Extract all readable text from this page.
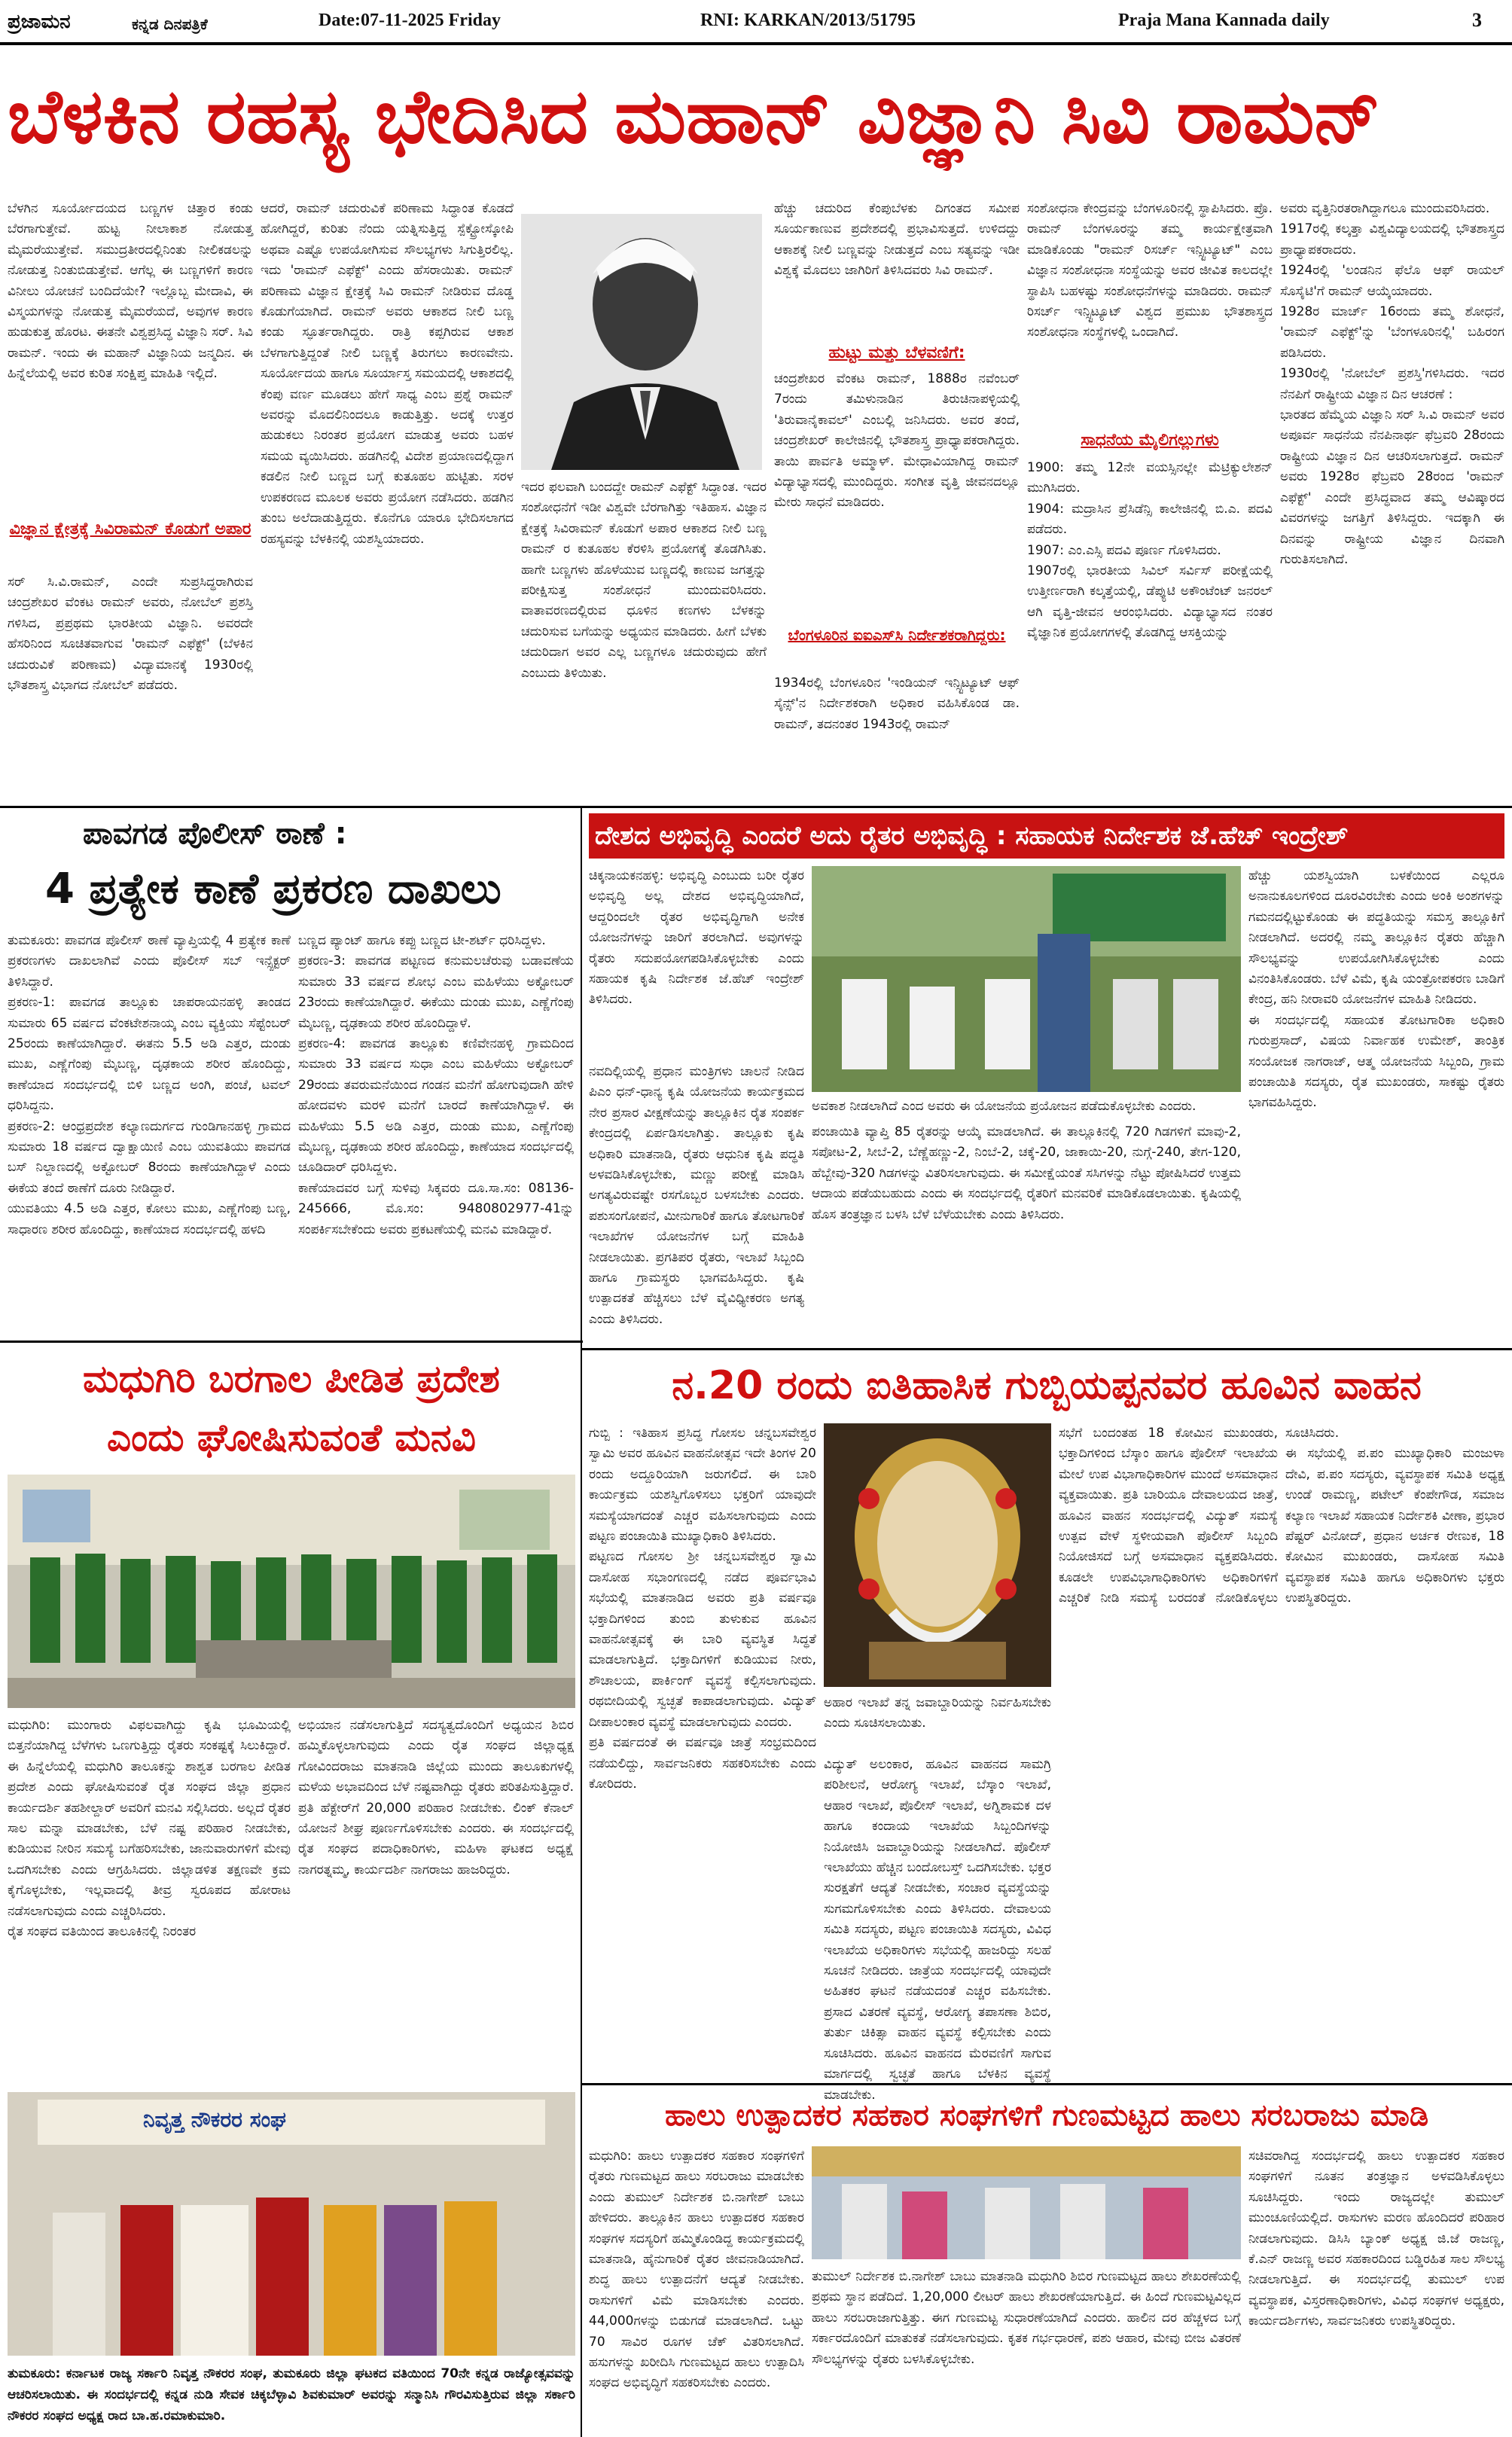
ಪ್ರಜಾಮನ	ಕನ್ನಡ ದಿನಪತ್ರಿಕೆ	Date:07-11-2025 Friday	RNI: KARKAN/2013/51795	Praja Mana Kannada daily	3
ಬೆಳಕಿನ ರಹಸ್ಯ ಭೇದಿಸಿದ ಮಹಾನ್ ವಿಜ್ಞಾನಿ ಸಿವಿ ರಾಮನ್
ಬೆಳಗಿನ ಸೂರ್ಯೋದಯದ ಬಣ್ಣಗಳ ಚಿತ್ತಾರ ಕಂಡು ಬೆರಗಾಗುತ್ತೇವೆ. ಹುಟ್ಟ ನೀಲಾಕಾಶ ನೋಡುತ್ತ ಮೈಮರೆಯುತ್ತೇವೆ. ಸಮುದ್ರತೀರದಲ್ಲಿನಿಂತು ನೀಲಿಕಡಲನ್ನು ನೋಡುತ್ತ ನಿಂತುಬಿಡುತ್ತೇವೆ. ಆಗೆಲ್ಲ ಈ ಬಣ್ಣಗಳಿಗೆ ಕಾರಣ ವಿನೀಲು ಯೋಚನೆ ಬಂದಿದೆಯೇ? ಇಲ್ಲೊಬ್ಬ ಮೇದಾವಿ, ಈ ವಿಸ್ಮಯಗಳನ್ನು ನೋಡುತ್ತ ಮೈಮರೆಯದೆ, ಅವುಗಳ ಕಾರಣ ಹುಡುಕುತ್ತ ಹೊರಟ. ಈತನೇ ವಿಶ್ವಪ್ರಸಿದ್ಧ ವಿಜ್ಞಾನಿ ಸರ್. ಸಿವಿ ರಾಮನ್. ಇಂದು ಈ ಮಹಾನ್ ವಿಜ್ಞಾನಿಯ ಜನ್ಮದಿನ. ಈ ಹಿನ್ನೆಲೆಯಲ್ಲಿ ಅವರ ಕುರಿತ ಸಂಕ್ಷಿಪ್ತ ಮಾಹಿತಿ ಇಲ್ಲಿದೆ.
ವಿಜ್ಞಾನ ಕ್ಷೇತ್ರಕ್ಕೆ ಸಿವಿರಾಮನ್ ಕೊಡುಗೆ ಅಪಾರ
ಸರ್ ಸಿ.ವಿ.ರಾಮನ್, ಎಂದೇ ಸುಪ್ರಸಿದ್ಧರಾಗಿರುವ ಚಂದ್ರಶೇಖರ ವೆಂಕಟ ರಾಮನ್ ಅವರು, ನೋಬೆಲ್ ಪ್ರಶಸ್ತಿ ಗಳಿಸಿದ, ಪ್ರಪ್ರಥಮ ಭಾರತೀಯ ವಿಜ್ಞಾನಿ. ಅವರದೇ ಹೆಸರಿನಿಂದ ಸೂಚಿತವಾಗುವ 'ರಾಮನ್ ಎಫೆಕ್ಟ್' (ಬೆಳಕಿನ ಚದುರುವಿಕೆ ಪರಿಣಾಮ) ವಿದ್ಯಾಮಾನಕ್ಕೆ 1930ರಲ್ಲಿ ಭೌತಶಾಸ್ತ್ರ ವಿಭಾಗದ ನೋಬೆಲ್ ಪಡೆದರು.
ಆದರೆ, ರಾಮನ್ ಚದುರುವಿಕೆ ಪರಿಣಾಮ ಸಿದ್ಧಾಂತ ಕೊಡದೆ ಹೋಗಿದ್ದರೆ, ಕುರಿತು ನೆಂದು ಯತ್ನಿಸುತ್ತಿದ್ದ ಸ್ಪೆಕ್ಟ್ರೋಸ್ಕೋಪಿ ಅಥವಾ ಎಷ್ಟೊ ಉಪಯೋಗಿಸುವ ಸೌಲಭ್ಯಗಳು ಸಿಗುತ್ತಿರಲಿಲ್ಲ. ಇದು 'ರಾಮನ್ ಎಫೆಕ್ಟ್' ಎಂದು ಹೆಸರಾಯಿತು. ರಾಮನ್ ಪರಿಣಾಮ ವಿಜ್ಞಾನ ಕ್ಷೇತ್ರಕ್ಕೆ ಸಿವಿ ರಾಮನ್ ನೀಡಿರುವ ದೊಡ್ಡ ಕೊಡುಗೆಯಾಗಿದೆ. ರಾಮನ್ ಅವರು ಆಕಾಶದ ನೀಲಿ ಬಣ್ಣ ಕಂಡು ಸ್ಫೂರ್ತರಾಗಿದ್ದರು. ರಾತ್ರಿ ಕಪ್ಪಗಿರುವ ಆಕಾಶ ಬೆಳಗಾಗುತ್ತಿದ್ದಂತೆ ನೀಲಿ ಬಣ್ಣಕ್ಕೆ ತಿರುಗಲು ಕಾರಣವೇನು. ಸೂರ್ಯೋದಯ ಹಾಗೂ ಸೂರ್ಯಾಸ್ತ ಸಮಯದಲ್ಲಿ ಆಕಾಶದಲ್ಲಿ ಕೆಂಪು ವರ್ಣ ಮೂಡಲು ಹೇಗೆ ಸಾಧ್ಯ ಎಂಬ ಪ್ರಶ್ನೆ ರಾಮನ್ ಅವರನ್ನು ಮೊದಲಿನಿಂದಲೂ ಕಾಡುತ್ತಿತ್ತು. ಅದಕ್ಕೆ ಉತ್ತರ ಹುಡುಕಲು ನಿರಂತರ ಪ್ರಯೋಗ ಮಾಡುತ್ತ ಅವರು ಬಹಳ ಸಮಯ ವ್ಯಯಿಸಿದರು. ಹಡಗಿನಲ್ಲಿ ವಿದೇಶ ಪ್ರಯಾಣದಲ್ಲಿದ್ದಾಗ ಕಡಲಿನ ನೀಲಿ ಬಣ್ಣದ ಬಗ್ಗೆ ಕುತೂಹಲ ಹುಟ್ಟಿತು. ಸರಳ ಉಪಕರಣದ ಮೂಲಕ ಅವರು ಪ್ರಯೋಗ ನಡೆಸಿದರು. ಹಡಗಿನ ತುಂಬ ಅಲೆದಾಡುತ್ತಿದ್ದರು. ಕೊನೆಗೂ ಯಾರೂ ಭೇದಿಸಲಾಗದ ರಹಸ್ಯವನ್ನು ಬೆಳಕಿನಲ್ಲಿ ಯಶಸ್ವಿಯಾದರು.
ಇದರ ಫಲವಾಗಿ ಬಂದದ್ದೇ ರಾಮನ್ ಎಫೆಕ್ಟ್ ಸಿದ್ಧಾಂತ. ಇದರ ಸಂಶೋಧನೆಗೆ ಇಡೀ ವಿಶ್ವವೇ ಬೆರಗಾಗಿತ್ತು ಇತಿಹಾಸ. ವಿಜ್ಞಾನ ಕ್ಷೇತ್ರಕ್ಕೆ ಸಿವಿರಾಮನ್ ಕೊಡುಗೆ ಅಪಾರ ಆಕಾಶದ ನೀಲಿ ಬಣ್ಣ ರಾಮನ್ ರ ಕುತೂಹಲ ಕೆರಳಿಸಿ ಪ್ರಯೋಗಕ್ಕೆ ತೊಡಗಿಸಿತು. ಹಾಗೇ ಬಣ್ಣಗಳು ಹೊಳೆಯುವ ಬಣ್ಣದಲ್ಲಿ ಕಾಣುವ ಜಗತ್ತನ್ನು ಪರೀಕ್ಷಿಸುತ್ತ ಸಂಶೋಧನೆ ಮುಂದುವರಿಸಿದರು. ವಾತಾವರಣದಲ್ಲಿರುವ ಧೂಳಿನ ಕಣಗಳು ಬೆಳಕನ್ನು ಚದುರಿಸುವ ಬಗೆಯನ್ನು ಅಧ್ಯಯನ ಮಾಡಿದರು. ಹೀಗೆ ಬೆಳಕು ಚದುರಿದಾಗ ಅವರ ಎಲ್ಲ ಬಣ್ಣಗಳೂ ಚದುರುವುದು ಹೇಗೆ ಎಂಬುದು ತಿಳಿಯಿತು.
ಹೆಚ್ಚು ಚದುರಿದ ಕೆಂಪುಬೆಳಕು ದಿಗಂತದ ಸಮೀಪ ಸೂರ್ಯಕಾಣುವ ಪ್ರದೇಶದಲ್ಲಿ ಪ್ರಭಾವಿಸುತ್ತದೆ. ಉಳಿದದ್ದು ಆಕಾಶಕ್ಕೆ ನೀಲಿ ಬಣ್ಣವನ್ನು ನೀಡುತ್ತದೆ ಎಂಬ ಸತ್ಯವನ್ನು ಇಡೀ ವಿಶ್ವಕ್ಕೆ ಮೊದಲು ಜಾಗಿರಿಗೆ ತಿಳಿಸಿದವರು ಸಿವಿ ರಾಮನ್.
ಹುಟ್ಟು ಮತ್ತು ಬೆಳವಣಿಗೆ:
ಚಂದ್ರಶೇಖರ ವೆಂಕಟ ರಾಮನ್, 1888ರ ನವೆಂಬರ್ 7ರಂದು ತಮಿಳುನಾಡಿನ ತಿರುಚಿನಾಪಳ್ಳಿಯಲ್ಲಿ 'ತಿರುವಾನೈಕಾವಲ್' ಎಂಬಲ್ಲಿ ಜನಿಸಿದರು. ಅವರ ತಂದೆ, ಚಂದ್ರಶೇಖರ್ ಕಾಲೇಜಿನಲ್ಲಿ ಭೌತಶಾಸ್ತ್ರ ಪ್ರಾಧ್ಯಾಪಕರಾಗಿದ್ದರು. ತಾಯಿ ಪಾರ್ವತಿ ಅಮ್ಮಾಳ್. ಮೇಧಾವಿಯಾಗಿದ್ದ ರಾಮನ್ ವಿದ್ಯಾಭ್ಯಾಸದಲ್ಲಿ ಮುಂದಿದ್ದರು. ಸಂಗೀತ ವೃತ್ತಿ ಜೀವನದಲ್ಲೂ ಮೇರು ಸಾಧನೆ ಮಾಡಿದರು.
ಬೆಂಗಳೂರಿನ ಐಐಎಸ್‌ಸಿ ನಿರ್ದೇಶಕರಾಗಿದ್ದರು:
1934ರಲ್ಲಿ ಬೆಂಗಳೂರಿನ 'ಇಂಡಿಯನ್ ಇನ್ಸ್ಟಿಟ್ಯೂಟ್ ಆಫ್ ಸೈನ್ಸ್'ನ ನಿರ್ದೇಶಕರಾಗಿ ಅಧಿಕಾರ ವಹಿಸಿಕೊಂಡ ಡಾ. ರಾಮನ್, ತದನಂತರ 1943ರಲ್ಲಿ ರಾಮನ್
ಸಂಶೋಧನಾ ಕೇಂದ್ರವನ್ನು ಬೆಂಗಳೂರಿನಲ್ಲಿ ಸ್ಥಾಪಿಸಿದರು. ಪ್ರೊ. ರಾಮನ್ ಬೆಂಗಳೂರನ್ನು ತಮ್ಮ ಕಾರ್ಯಕ್ಷೇತ್ರವಾಗಿ ಮಾಡಿಕೊಂಡು "ರಾಮನ್ ರಿಸರ್ಚ್ ಇನ್ಸ್ಟಿಟ್ಯೂಟ್" ಎಂಬ ವಿಜ್ಞಾನ ಸಂಶೋಧನಾ ಸಂಸ್ಥೆಯನ್ನು ಅವರ ಜೀವಿತ ಕಾಲದಲ್ಲೇ ಸ್ಥಾಪಿಸಿ ಬಹಳಷ್ಟು ಸಂಶೋಧನೆಗಳನ್ನು ಮಾಡಿದರು. ರಾಮನ್ ರಿಸರ್ಚ್ ಇನ್ಸ್ಟಿಟ್ಯೂಟ್ ವಿಶ್ವದ ಪ್ರಮುಖ ಭೌತಶಾಸ್ತ್ರದ ಸಂಶೋಧನಾ ಸಂಸ್ಥೆಗಳಲ್ಲಿ ಒಂದಾಗಿದೆ.
ಸಾಧನೆಯ ಮೈಲಿಗಲ್ಲುಗಳು
1900: ತಮ್ಮ 12ನೇ ವಯಸ್ಸಿನಲ್ಲೇ ಮೆಟ್ರಿಕ್ಯುಲೇಶನ್ ಮುಗಿಸಿದರು.
1904: ಮದ್ರಾಸಿನ ಪ್ರೆಸಿಡೆನ್ಸಿ ಕಾಲೇಜಿನಲ್ಲಿ ಬಿ.ಎ. ಪದವಿ ಪಡೆದರು.
1907: ಎಂ.ಎಸ್ಸಿ ಪದವಿ ಪೂರ್ಣ ಗೊಳಿಸಿದರು.
1907ರಲ್ಲಿ ಭಾರತೀಯ ಸಿವಿಲ್ ಸರ್ವಿಸ್ ಪರೀಕ್ಷೆಯಲ್ಲಿ ಉತ್ತೀರ್ಣರಾಗಿ ಕಲ್ಕತ್ತೆಯಲ್ಲಿ, ಡೆಪ್ಯುಟಿ ಅಕೌಂಟೆಂಟ್ ಜನರಲ್ ಆಗಿ ವೃತ್ತಿ-ಜೀವನ ಆರಂಭಿಸಿದರು. ವಿದ್ಯಾಭ್ಯಾಸದ ನಂತರ ವೈಜ್ಞಾನಿಕ ಪ್ರಯೋಗಗಳಲ್ಲಿ ತೊಡಗಿದ್ದ ಆಸಕ್ತಿಯನ್ನು
ಅವರು ವೃತ್ತಿನಿರತರಾಗಿದ್ದಾಗಲೂ ಮುಂದುವರಿಸಿದರು.
1917ರಲ್ಲಿ ಕಲ್ಕತ್ತಾ ವಿಶ್ವವಿದ್ಯಾಲಯದಲ್ಲಿ ಭೌತಶಾಸ್ತ್ರದ ಪ್ರಾಧ್ಯಾಪಕರಾದರು.
1924ರಲ್ಲಿ 'ಲಂಡನಿನ ಫೆಲೊ ಆಫ್ ರಾಯಲ್ ಸೊಸೈಟಿ'ಗೆ ರಾಮನ್ ಆಯ್ಕೆಯಾದರು.
1928ರ ಮಾರ್ಚ್ 16ರಂದು ತಮ್ಮ ಶೋಧನೆ, 'ರಾಮನ್ ಎಫೆಕ್ಟ್'ನ್ನು 'ಬೆಂಗಳೂರಿನಲ್ಲಿ' ಬಹಿರಂಗ ಪಡಿಸಿದರು.
1930ರಲ್ಲಿ 'ನೋಬೆಲ್ ಪ್ರಶಸ್ತಿ'ಗಳಿಸಿದರು. ಇದರ ನೆನಪಿಗೆ ರಾಷ್ಟ್ರೀಯ ವಿಜ್ಞಾನ ದಿನ ಆಚರಣೆ :
ಭಾರತದ ಹೆಮ್ಮೆಯ ವಿಜ್ಞಾನಿ ಸರ್ ಸಿ.ವಿ ರಾಮನ್ ಅವರ ಅಪೂರ್ವ ಸಾಧನೆಯ ನೆನಪಿನಾರ್ಥ ಫೆಬ್ರವರಿ 28ರಂದು ರಾಷ್ಟ್ರೀಯ ವಿಜ್ಞಾನ ದಿನ ಆಚರಿಸಲಾಗುತ್ತದೆ. ರಾಮನ್ ಅವರು 1928ರ ಫೆಬ್ರವರಿ 28ರಂದ 'ರಾಮನ್ ಎಫೆಕ್ಟ್' ಎಂದೇ ಪ್ರಸಿದ್ಧವಾದ ತಮ್ಮ ಆವಿಷ್ಕಾರದ ವಿವರಗಳನ್ನು ಜಗತ್ತಿಗೆ ತಿಳಿಸಿದ್ದರು. ಇದಕ್ಕಾಗಿ ಈ ದಿನವನ್ನು ರಾಷ್ಟ್ರೀಯ ವಿಜ್ಞಾನ ದಿನವಾಗಿ ಗುರುತಿಸಲಾಗಿದೆ.
ಪಾವಗಡ ಪೊಲೀಸ್ ಠಾಣೆ :
4 ಪ್ರತ್ಯೇಕ ಕಾಣೆ ಪ್ರಕರಣ ದಾಖಲು
ತುಮಕೂರು: ಪಾವಗಡ ಪೊಲೀಸ್ ಠಾಣೆ ವ್ಯಾಪ್ತಿಯಲ್ಲಿ 4 ಪ್ರತ್ಯೇಕ ಕಾಣೆ ಪ್ರಕರಣಗಳು ದಾಖಲಾಗಿವೆ ಎಂದು ಪೊಲೀಸ್ ಸಬ್ ಇನ್ಸ್ಪೆಕ್ಟರ್ ತಿಳಿಸಿದ್ದಾರೆ.
ಪ್ರಕರಣ-1: ಪಾವಗಡ ತಾಲ್ಲೂಕು ಚಾಪರಾಯನಹಳ್ಳಿ ತಾಂಡದ ಸುಮಾರು 65 ವರ್ಷದ ವೆಂಕಟೇಶನಾಯ್ಕ ಎಂಬ ವ್ಯಕ್ತಿಯು ಸೆಪ್ಟೆಂಬರ್ 25ರಂದು ಕಾಣೆಯಾಗಿದ್ದಾರೆ. ಈತನು 5.5 ಅಡಿ ಎತ್ತರ, ದುಂಡು ಮುಖ, ಎಣ್ಣೆಗೆಂಪು ಮೈಬಣ್ಣ, ದೃಢಕಾಯ ಶರೀರ ಹೊಂದಿದ್ದು, ಕಾಣೆಯಾದ ಸಂದರ್ಭದಲ್ಲಿ ಬಿಳಿ ಬಣ್ಣದ ಅಂಗಿ, ಪಂಚೆ, ಟವಲ್ ಧರಿಸಿದ್ದನು.
ಪ್ರಕರಣ-2: ಆಂಧ್ರಪ್ರದೇಶ ಕಲ್ಯಾಣದುರ್ಗದ ಗುಂಡಿಗಾನಹಳ್ಳಿ ಗ್ರಾಮದ ಸುಮಾರು 18 ವರ್ಷದ ದ್ವಾಕ್ಷಾಯಿಣಿ ಎಂಬ ಯುವತಿಯು ಪಾವಗಡ ಬಸ್ ನಿಲ್ದಾಣದಲ್ಲಿ ಅಕ್ಟೋಬರ್ 8ರಂದು ಕಾಣೆಯಾಗಿದ್ದಾಳೆ ಎಂದು ಈಕೆಯ ತಂದೆ ಠಾಣೆಗೆ ದೂರು ನೀಡಿದ್ದಾರೆ.
ಯುವತಿಯು 4.5 ಅಡಿ ಎತ್ತರ, ಕೋಲು ಮುಖ, ಎಣ್ಣೆಗೆಂಪು ಬಣ್ಣ, ಸಾಧಾರಣ ಶರೀರ ಹೊಂದಿದ್ದು, ಕಾಣೆಯಾದ ಸಂದರ್ಭದಲ್ಲಿ ಹಳದಿ
ಬಣ್ಣದ ಪ್ಯಾಂಟ್ ಹಾಗೂ ಕಪ್ಪು ಬಣ್ಣದ ಟೀ-ಶರ್ಟ್ ಧರಿಸಿದ್ದಳು.
ಪ್ರಕರಣ-3: ಪಾವಗಡ ಪಟ್ಟಣದ ಕನುಮಲಚೆರುವು ಬಡಾವಣೆಯ ಸುಮಾರು 33 ವರ್ಷದ ಶೋಭ ಎಂಬ ಮಹಿಳೆಯು ಅಕ್ಟೋಬರ್ 23ರಂದು ಕಾಣೆಯಾಗಿದ್ದಾರೆ. ಈಕೆಯು ದುಂಡು ಮುಖ, ಎಣ್ಣೆಗೆಂಪು ಮೈಬಣ್ಣ, ದೃಢಕಾಯ ಶರೀರ ಹೊಂದಿದ್ದಾಳೆ.
ಪ್ರಕರಣ-4: ಪಾವಗಡ ತಾಲ್ಲೂಕು ಕಣಿವೇನಹಳ್ಳಿ ಗ್ರಾಮದಿಂದ ಸುಮಾರು 33 ವರ್ಷದ ಸುಧಾ ಎಂಬ ಮಹಿಳೆಯು ಅಕ್ಟೋಬರ್ 29ರಂದು ತವರುಮನೆಯಿಂದ ಗಂಡನ ಮನೆಗೆ ಹೋಗುವುದಾಗಿ ಹೇಳಿ ಹೋದವಳು ಮರಳಿ ಮನೆಗೆ ಬಾರದೆ ಕಾಣೆಯಾಗಿದ್ದಾಳೆ. ಈ ಮಹಿಳೆಯು 5.5 ಅಡಿ ಎತ್ತರ, ದುಂಡು ಮುಖ, ಎಣ್ಣೆಗೆಂಪು ಮೈಬಣ್ಣ, ದೃಢಕಾಯ ಶರೀರ ಹೊಂದಿದ್ದು, ಕಾಣೆಯಾದ ಸಂದರ್ಭದಲ್ಲಿ ಚೂಡಿದಾರ್ ಧರಿಸಿದ್ದಳು.
ಕಾಣೆಯಾದವರ ಬಗ್ಗೆ ಸುಳಿವು ಸಿಕ್ಕವರು ದೂ.ಸಾ.ಸಂ: 08136-245666, ಮೊ.ಸಂ: 9480802977-41ನ್ನು ಸಂಪರ್ಕಿಸಬೇಕೆಂದು ಅವರು ಪ್ರಕಟಣೆಯಲ್ಲಿ ಮನವಿ ಮಾಡಿದ್ದಾರೆ.
ಮಧುಗಿರಿ ಬರಗಾಲ ಪೀಡಿತ ಪ್ರದೇಶ
ಎಂದು ಘೋಷಿಸುವಂತೆ ಮನವಿ
ಮಧುಗಿರಿ: ಮುಂಗಾರು ವಿಫಲವಾಗಿದ್ದು ಕೃಷಿ ಭೂಮಿಯಲ್ಲಿ ಬಿತ್ತನೆಯಾಗಿದ್ದ ಬೆಳೆಗಳು ಒಣಗುತ್ತಿದ್ದು ರೈತರು ಸಂಕಷ್ಟಕ್ಕೆ ಸಿಲುಕಿದ್ದಾರೆ. ಈ ಹಿನ್ನೆಲೆಯಲ್ಲಿ ಮಧುಗಿರಿ ತಾಲೂಕನ್ನು ಶಾಶ್ವತ ಬರಗಾಲ ಪೀಡಿತ ಪ್ರದೇಶ ಎಂದು ಘೋಷಿಸುವಂತೆ ರೈತ ಸಂಘದ ಜಿಲ್ಲಾ ಪ್ರಧಾನ ಕಾರ್ಯದರ್ಶಿ ತಹಶೀಲ್ದಾರ್ ಅವರಿಗೆ ಮನವಿ ಸಲ್ಲಿಸಿದರು. ಅಲ್ಲದೆ ರೈತರ ಸಾಲ ಮನ್ನಾ ಮಾಡಬೇಕು, ಬೆಳೆ ನಷ್ಟ ಪರಿಹಾರ ನೀಡಬೇಕು, ಕುಡಿಯುವ ನೀರಿನ ಸಮಸ್ಯೆ ಬಗೆಹರಿಸಬೇಕು, ಜಾನುವಾರುಗಳಿಗೆ ಮೇವು ಒದಗಿಸಬೇಕು ಎಂದು ಆಗ್ರಹಿಸಿದರು. ಜಿಲ್ಲಾಡಳಿತ ತಕ್ಷಣವೇ ಕ್ರಮ ಕೈಗೊಳ್ಳಬೇಕು, ಇಲ್ಲವಾದಲ್ಲಿ ತೀವ್ರ ಸ್ವರೂಪದ ಹೋರಾಟ ನಡೆಸಲಾಗುವುದು ಎಂದು ಎಚ್ಚರಿಸಿದರು.
ರೈತ ಸಂಘದ ವತಿಯಿಂದ ತಾಲೂಕಿನಲ್ಲಿ ನಿರಂತರ
ಅಭಿಯಾನ ನಡೆಸಲಾಗುತ್ತಿದೆ ಸದಸ್ಯತ್ವದೊಂದಿಗೆ ಅಧ್ಯಯನ ಶಿಬಿರ ಹಮ್ಮಿಕೊಳ್ಳಲಾಗುವುದು ಎಂದು ರೈತ ಸಂಘದ ಜಿಲ್ಲಾಧ್ಯಕ್ಷ ಗೋವಿಂದರಾಜು ಮಾತನಾಡಿ ಜಿಲ್ಲೆಯ ಮುಂದು ತಾಲೂಕುಗಳಲ್ಲಿ ಮಳೆಯ ಅಭಾವದಿಂದ ಬೆಳೆ ನಷ್ಟವಾಗಿದ್ದು ರೈತರು ಪರಿತಪಿಸುತ್ತಿದ್ದಾರೆ. ಪ್ರತಿ ಹೆಕ್ಟೇರ್‌ಗೆ 20,000 ಪರಿಹಾರ ನೀಡಬೇಕು. ಲಿಂಕ್ ಕೆನಾಲ್ ಯೋಜನೆ ಶೀಘ್ರ ಪೂರ್ಣಗೊಳಿಸಬೇಕು ಎಂದರು. ಈ ಸಂದರ್ಭದಲ್ಲಿ ರೈತ ಸಂಘದ ಪದಾಧಿಕಾರಿಗಳು, ಮಹಿಳಾ ಘಟಕದ ಅಧ್ಯಕ್ಷೆ ನಾಗರತ್ನಮ್ಮ, ಕಾರ್ಯದರ್ಶಿ ನಾಗರಾಜು ಹಾಜರಿದ್ದರು.
ನಿವೃತ್ತ ನೌಕರರ ಸಂಘ
ತುಮಕೂರು: ಕರ್ನಾಟಕ ರಾಜ್ಯ ಸರ್ಕಾರಿ ನಿವೃತ್ತ ನೌಕರರ ಸಂಘ, ತುಮಕೂರು ಜಿಲ್ಲಾ ಘಟಕದ ವತಿಯಿಂದ 70ನೇ ಕನ್ನಡ ರಾಜ್ಯೋತ್ಸವವನ್ನು ಆಚರಿಸಲಾಯಿತು. ಈ ಸಂದರ್ಭದಲ್ಲಿ ಕನ್ನಡ ನುಡಿ ಸೇವಕ ಚಿಕ್ಕಬೆಳ್ಳಾವಿ ಶಿವಕುಮಾರ್ ಅವರನ್ನು ಸನ್ಮಾನಿಸಿ ಗೌರವಿಸುತ್ತಿರುವ ಜಿಲ್ಲಾ ಸರ್ಕಾರಿ ನೌಕರರ ಸಂಘದ ಅಧ್ಯಕ್ಷ ರಾದ ಬಾ.ಹ.ರಮಾಕುಮಾರಿ.
ದೇಶದ ಅಭಿವೃದ್ಧಿ ಎಂದರೆ ಅದು ರೈತರ ಅಭಿವೃದ್ಧಿ : ಸಹಾಯಕ ನಿರ್ದೇಶಕ ಜೆ.ಹೆಚ್ ಇಂದ್ರೇಶ್
ಚಿಕ್ಕನಾಯಕನಹಳ್ಳಿ: ಅಭಿವೃದ್ಧಿ ಎಂಬುದು ಬರೀ ರೈತರ ಅಭಿವೃದ್ಧಿ ಅಲ್ಲ ದೇಶದ ಅಭಿವೃದ್ಧಿಯಾಗಿದೆ, ಆದ್ದರಿಂದಲೇ ರೈತರ ಅಭಿವೃದ್ಧಿಗಾಗಿ ಅನೇಕ ಯೋಜನೆಗಳನ್ನು ಜಾರಿಗೆ ತರಲಾಗಿದೆ. ಅವುಗಳನ್ನು ರೈತರು ಸದುಪಯೋಗಪಡಿಸಿಕೊಳ್ಳಬೇಕು ಎಂದು ಸಹಾಯಕ ಕೃಷಿ ನಿರ್ದೇಶಕ ಜೆ.ಹೆಚ್ ಇಂದ್ರೇಶ್ ತಿಳಿಸಿದರು.
ಅವಕಾಶ ನೀಡಲಾಗಿದೆ ಎಂದ ಅವರು ಈ ಯೋಜನೆಯ ಪ್ರಯೋಜನ ಪಡೆದುಕೊಳ್ಳಬೇಕು ಎಂದರು.
ನವದಿಲ್ಲಿಯಲ್ಲಿ ಪ್ರಧಾನ ಮಂತ್ರಿಗಳು ಚಾಲನೆ ನೀಡಿದ ಪಿಎಂ ಧನ್-ಧಾನ್ಯ ಕೃಷಿ ಯೋಜನೆಯ ಕಾರ್ಯಕ್ರಮದ ನೇರ ಪ್ರಸಾರ ವೀಕ್ಷಣೆಯನ್ನು ತಾಲ್ಲೂಕಿನ ರೈತ ಸಂಪರ್ಕ ಕೇಂದ್ರದಲ್ಲಿ ಏರ್ಪಡಿಸಲಾಗಿತ್ತು. ತಾಲ್ಲೂಕು ಕೃಷಿ ಅಧಿಕಾರಿ ಮಾತನಾಡಿ, ರೈತರು ಆಧುನಿಕ ಕೃಷಿ ಪದ್ಧತಿ ಅಳವಡಿಸಿಕೊಳ್ಳಬೇಕು, ಮಣ್ಣು ಪರೀಕ್ಷೆ ಮಾಡಿಸಿ ಅಗತ್ಯವಿರುವಷ್ಟೇ ರಸಗೊಬ್ಬರ ಬಳಸಬೇಕು ಎಂದರು. ಪಶುಸಂಗೋಪನೆ, ಮೀನುಗಾರಿಕೆ ಹಾಗೂ ತೋಟಗಾರಿಕೆ ಇಲಾಖೆಗಳ ಯೋಜನೆಗಳ ಬಗ್ಗೆ ಮಾಹಿತಿ ನೀಡಲಾಯಿತು. ಪ್ರಗತಿಪರ ರೈತರು, ಇಲಾಖೆ ಸಿಬ್ಬಂದಿ ಹಾಗೂ ಗ್ರಾಮಸ್ಥರು ಭಾಗವಹಿಸಿದ್ದರು. ಕೃಷಿ ಉತ್ಪಾದಕತೆ ಹೆಚ್ಚಿಸಲು ಬೆಳೆ ವೈವಿಧ್ಯೀಕರಣ ಅಗತ್ಯ ಎಂದು ತಿಳಿಸಿದರು.
ಪಂಚಾಯಿತಿ ವ್ಯಾಪ್ತಿ 85 ರೈತರನ್ನು ಆಯ್ಕೆ ಮಾಡಲಾಗಿದೆ. ಈ ತಾಲ್ಲೂಕಿನಲ್ಲಿ 720 ಗಿಡಗಳಿಗೆ ಮಾವು-2, ಸಪೋಟ-2, ಸೀಬೆ-2, ಬೆಣ್ಣೆಹಣ್ಣು-2, ನಿಂಬೆ-2, ಚಕ್ಕೆ-20, ಜಾಕಾಯಿ-20, ನುಗ್ಗೆ-240, ತೇಗ-120, ಹೆಬ್ಬೇವು-320 ಗಿಡಗಳನ್ನು ವಿತರಿಸಲಾಗುವುದು. ಈ ಸಮೀಕ್ಷೆಯಂತೆ ಸಸಿಗಳನ್ನು ನೆಟ್ಟು ಪೋಷಿಸಿದರೆ ಉತ್ತಮ ಆದಾಯ ಪಡೆಯಬಹುದು ಎಂದು ಈ ಸಂದರ್ಭದಲ್ಲಿ ರೈತರಿಗೆ ಮನವರಿಕೆ ಮಾಡಿಕೊಡಲಾಯಿತು. ಕೃಷಿಯಲ್ಲಿ ಹೊಸ ತಂತ್ರಜ್ಞಾನ ಬಳಸಿ ಬೆಳೆ ಬೆಳೆಯಬೇಕು ಎಂದು ತಿಳಿಸಿದರು.
ಹೆಚ್ಚು ಯಶಸ್ವಿಯಾಗಿ ಬಳಕೆಯಿಂದ ಎಲ್ಲರೂ ಅನಾನುಕೂಲಗಳಿಂದ ದೂರವಿರಬೇಕು ಎಂದು ಅಂಕಿ ಅಂಶಗಳನ್ನು ಗಮನದಲ್ಲಿಟ್ಟುಕೊಂಡು ಈ ಪದ್ಧತಿಯನ್ನು ಸಮಸ್ತ ತಾಲ್ಲೂಕಿಗೆ ನೀಡಲಾಗಿದೆ. ಅದರಲ್ಲಿ ನಮ್ಮ ತಾಲ್ಲೂಕಿನ ರೈತರು ಹೆಚ್ಚಾಗಿ ಸೌಲಭ್ಯವನ್ನು ಉಪಯೋಗಿಸಿಕೊಳ್ಳಬೇಕು ಎಂದು ವಿನಂತಿಸಿಕೊಂಡರು. ಬೆಳೆ ವಿಮೆ, ಕೃಷಿ ಯಂತ್ರೋಪಕರಣ ಬಾಡಿಗೆ ಕೇಂದ್ರ, ಹನಿ ನೀರಾವರಿ ಯೋಜನೆಗಳ ಮಾಹಿತಿ ನೀಡಿದರು.
ಈ ಸಂದರ್ಭದಲ್ಲಿ ಸಹಾಯಕ ತೋಟಗಾರಿಕಾ ಅಧಿಕಾರಿ ಗುರುಪ್ರಸಾದ್, ವಿಷಯ ನಿರ್ವಾಹಕ ಉಮೇಶ್, ತಾಂತ್ರಿಕ ಸಂಯೋಜಕ ನಾಗರಾಜ್, ಆತ್ಮ ಯೋಜನೆಯ ಸಿಬ್ಬಂದಿ, ಗ್ರಾಮ ಪಂಚಾಯಿತಿ ಸದಸ್ಯರು, ರೈತ ಮುಖಂಡರು, ಸಾಕಷ್ಟು ರೈತರು ಭಾಗವಹಿಸಿದ್ದರು.
ನ.20 ರಂದು ಐತಿಹಾಸಿಕ ಗುಬ್ಬಿಯಪ್ಪನವರ ಹೂವಿನ ವಾಹನ
ಗುಬ್ಬಿ : ಇತಿಹಾಸ ಪ್ರಸಿದ್ಧ ಗೋಸಲ ಚನ್ನಬಸವೇಶ್ವರ ಸ್ವಾಮಿ ಅವರ ಹೂವಿನ ವಾಹನೋತ್ಸವ ಇದೇ ತಿಂಗಳ 20 ರಂದು ಅದ್ದೂರಿಯಾಗಿ ಜರುಗಲಿದೆ. ಈ ಬಾರಿ ಕಾರ್ಯಕ್ರಮ ಯಶಸ್ವಿಗೊಳಿಸಲು ಭಕ್ತರಿಗೆ ಯಾವುದೇ ಸಮಸ್ಯೆಯಾಗದಂತೆ ಎಚ್ಚರ ವಹಿಸಲಾಗುವುದು ಎಂದು ಪಟ್ಟಣ ಪಂಚಾಯಿತಿ ಮುಖ್ಯಾಧಿಕಾರಿ ತಿಳಿಸಿದರು.
ಪಟ್ಟಣದ ಗೋಸಲ ಶ್ರೀ ಚನ್ನಬಸವೇಶ್ವರ ಸ್ವಾಮಿ ದಾಸೋಹ ಸಭಾಂಗಣದಲ್ಲಿ ನಡೆದ ಪೂರ್ವಭಾವಿ ಸಭೆಯಲ್ಲಿ ಮಾತನಾಡಿದ ಅವರು ಪ್ರತಿ ವರ್ಷವೂ ಭಕ್ತಾದಿಗಳಿಂದ ತುಂಬಿ ತುಳುಕುವ ಹೂವಿನ ವಾಹನೋತ್ಸವಕ್ಕೆ ಈ ಬಾರಿ ವ್ಯವಸ್ಥಿತ ಸಿದ್ಧತೆ ಮಾಡಲಾಗುತ್ತಿದೆ. ಭಕ್ತಾದಿಗಳಿಗೆ ಕುಡಿಯುವ ನೀರು, ಶೌಚಾಲಯ, ಪಾರ್ಕಿಂಗ್ ವ್ಯವಸ್ಥೆ ಕಲ್ಪಿಸಲಾಗುವುದು. ರಥಬೀದಿಯಲ್ಲಿ ಸ್ವಚ್ಛತೆ ಕಾಪಾಡಲಾಗುವುದು. ವಿದ್ಯುತ್ ದೀಪಾಲಂಕಾರ ವ್ಯವಸ್ಥೆ ಮಾಡಲಾಗುವುದು ಎಂದರು.
ಪ್ರತಿ ವರ್ಷದಂತೆ ಈ ವರ್ಷವೂ ಜಾತ್ರೆ ಸಂಭ್ರಮದಿಂದ ನಡೆಯಲಿದ್ದು, ಸಾರ್ವಜನಿಕರು ಸಹಕರಿಸಬೇಕು ಎಂದು ಕೋರಿದರು.
ಅಹಾರ ಇಲಾಖೆ ತನ್ನ ಜವಾಬ್ದಾರಿಯನ್ನು ನಿರ್ವಹಿಸಬೇಕು ಎಂದು ಸೂಚಿಸಲಾಯಿತು.
ವಿದ್ಯುತ್ ಅಲಂಕಾರ, ಹೂವಿನ ವಾಹನದ ಸಾಮಗ್ರಿ ಪರಿಶೀಲನೆ, ಆರೋಗ್ಯ ಇಲಾಖೆ, ಬೆಸ್ಕಾಂ ಇಲಾಖೆ, ಆಹಾರ ಇಲಾಖೆ, ಪೊಲೀಸ್ ಇಲಾಖೆ, ಅಗ್ನಿಶಾಮಕ ದಳ ಹಾಗೂ ಕಂದಾಯ ಇಲಾಖೆಯ ಸಿಬ್ಬಂದಿಗಳನ್ನು ನಿಯೋಜಿಸಿ ಜವಾಬ್ದಾರಿಯನ್ನು ನೀಡಲಾಗಿದೆ. ಪೊಲೀಸ್ ಇಲಾಖೆಯು ಹೆಚ್ಚಿನ ಬಂದೋಬಸ್ತ್ ಒದಗಿಸಬೇಕು. ಭಕ್ತರ ಸುರಕ್ಷತೆಗೆ ಆದ್ಯತೆ ನೀಡಬೇಕು, ಸಂಚಾರ ವ್ಯವಸ್ಥೆಯನ್ನು ಸುಗಮಗೊಳಿಸಬೇಕು ಎಂದು ತಿಳಿಸಿದರು. ದೇವಾಲಯ ಸಮಿತಿ ಸದಸ್ಯರು, ಪಟ್ಟಣ ಪಂಚಾಯಿತಿ ಸದಸ್ಯರು, ವಿವಿಧ ಇಲಾಖೆಯ ಅಧಿಕಾರಿಗಳು ಸಭೆಯಲ್ಲಿ ಹಾಜರಿದ್ದು ಸಲಹೆ ಸೂಚನೆ ನೀಡಿದರು. ಜಾತ್ರೆಯ ಸಂದರ್ಭದಲ್ಲಿ ಯಾವುದೇ ಅಹಿತಕರ ಘಟನೆ ನಡೆಯದಂತೆ ಎಚ್ಚರ ವಹಿಸಬೇಕು. ಪ್ರಸಾದ ವಿತರಣೆ ವ್ಯವಸ್ಥೆ, ಆರೋಗ್ಯ ತಪಾಸಣಾ ಶಿಬಿರ, ತುರ್ತು ಚಿಕಿತ್ಸಾ ವಾಹನ ವ್ಯವಸ್ಥೆ ಕಲ್ಪಿಸಬೇಕು ಎಂದು ಸೂಚಿಸಿದರು. ಹೂವಿನ ವಾಹನದ ಮೆರವಣಿಗೆ ಸಾಗುವ ಮಾರ್ಗದಲ್ಲಿ ಸ್ವಚ್ಛತೆ ಹಾಗೂ ಬೆಳಕಿನ ವ್ಯವಸ್ಥೆ ಮಾಡಬೇಕು.
ಸಭೆಗೆ ಬಂದಂತಹ 18 ಕೋಮಿನ ಮುಖಂಡರು, ಭಕ್ತಾದಿಗಳಿಂದ ಬೆಸ್ಕಾಂ ಹಾಗೂ ಪೊಲೀಸ್ ಇಲಾಖೆಯ ಮೇಲೆ ಉಪ ವಿಭಾಗಾಧಿಕಾರಿಗಳ ಮುಂದೆ ಅಸಮಾಧಾನ ವ್ಯಕ್ತವಾಯಿತು. ಪ್ರತಿ ಬಾರಿಯೂ ದೇವಾಲಯದ ಜಾತ್ರೆ, ಹೂವಿನ ವಾಹನ ಸಂದರ್ಭದಲ್ಲಿ ವಿದ್ಯುತ್ ಸಮಸ್ಯೆ ಉತ್ಪವ ವೇಳೆ ಸ್ಥಳೀಯವಾಗಿ ಪೊಲೀಸ್ ಸಿಬ್ಬಂದಿ ನಿಯೋಜಿಸದೆ ಬಗ್ಗೆ ಅಸಮಾಧಾನ ವ್ಯಕ್ತಪಡಿಸಿದರು. ಕೂಡಲೇ ಉಪವಿಭಾಗಾಧಿಕಾರಿಗಳು ಅಧಿಕಾರಿಗಳಿಗೆ ಎಚ್ಚರಿಕೆ ನೀಡಿ ಸಮಸ್ಯೆ ಬರದಂತೆ ನೋಡಿಕೊಳ್ಳಲು ಸೂಚಿಸಿದರು.
ಈ ಸಭೆಯಲ್ಲಿ ಪ.ಪಂ ಮುಖ್ಯಾಧಿಕಾರಿ ಮಂಜುಳಾ ದೇವಿ, ಪ.ಪಂ ಸದಸ್ಯರು, ವ್ಯವಸ್ಥಾಪಕ ಸಮಿತಿ ಅಧ್ಯಕ್ಷ ಉಂಡೆ ರಾಮಣ್ಣ, ಪಟೇಲ್ ಕೆಂಪೇಗೌಡ, ಸಮಾಜ ಕಲ್ಯಾಣ ಇಲಾಖೆ ಸಹಾಯಕ ನಿರ್ದೇಶಕಿ ವೀಣಾ, ಪ್ರಭಾರ ಪೆಷ್ಟರ್ ವಿನೋದ್, ಪ್ರಧಾನ ಅರ್ಚಕ ರೇಣುಕ, 18 ಕೋಮಿನ ಮುಖಂಡರು, ದಾಸೋಹ ಸಮಿತಿ ವ್ಯವಸ್ಥಾಪಕ ಸಮಿತಿ ಹಾಗೂ ಅಧಿಕಾರಿಗಳು ಭಕ್ತರು ಉಪಸ್ಥಿತರಿದ್ದರು.
ಹಾಲು ಉತ್ಪಾದಕರ ಸಹಕಾರ ಸಂಘಗಳಿಗೆ ಗುಣಮಟ್ಟದ ಹಾಲು ಸರಬರಾಜು ಮಾಡಿ
ಮಧುಗಿರಿ: ಹಾಲು ಉತ್ಪಾದಕರ ಸಹಕಾರ ಸಂಘಗಳಿಗೆ ರೈತರು ಗುಣಮಟ್ಟದ ಹಾಲು ಸರಬರಾಜು ಮಾಡಬೇಕು ಎಂದು ತುಮುಲ್ ನಿರ್ದೇಶಕ ಬಿ.ನಾಗೇಶ್ ಬಾಬು ಹೇಳಿದರು. ತಾಲ್ಲೂಕಿನ ಹಾಲು ಉತ್ಪಾದಕರ ಸಹಕಾರ ಸಂಘಗಳ ಸದಸ್ಯರಿಗೆ ಹಮ್ಮಿಕೊಂಡಿದ್ದ ಕಾರ್ಯಕ್ರಮದಲ್ಲಿ ಮಾತನಾಡಿ, ಹೈನುಗಾರಿಕೆ ರೈತರ ಜೀವನಾಡಿಯಾಗಿದೆ. ಶುದ್ಧ ಹಾಲು ಉತ್ಪಾದನೆಗೆ ಆದ್ಯತೆ ನೀಡಬೇಕು. ರಾಸುಗಳಿಗೆ ವಿಮೆ ಮಾಡಿಸಬೇಕು ಎಂದರು. 44,000ಗಳನ್ನು ಬಿಡುಗಡೆ ಮಾಡಲಾಗಿದೆ. ಒಟ್ಟು 70 ಸಾವಿರ ರೂಗಳ ಚೆಕ್ ವಿತರಿಸಲಾಗಿದೆ. ಹಸುಗಳನ್ನು ಖರೀದಿಸಿ ಗುಣಮಟ್ಟದ ಹಾಲು ಉತ್ಪಾದಿಸಿ ಸಂಘದ ಅಭಿವೃದ್ಧಿಗೆ ಸಹಕರಿಸಬೇಕು ಎಂದರು.
ತುಮುಲ್ ನಿರ್ದೇಶಕ ಬಿ.ನಾಗೇಶ್ ಬಾಬು ಮಾತನಾಡಿ ಮಧುಗಿರಿ ಶಿಬಿರ ಗುಣಮಟ್ಟದ ಹಾಲು ಶೇಖರಣೆಯಲ್ಲಿ ಪ್ರಥಮ ಸ್ಥಾನ ಪಡೆದಿದೆ. 1,20,000 ಲೀಟರ್ ಹಾಲು ಶೇಖರಣೆಯಾಗುತ್ತಿದೆ. ಈ ಹಿಂದೆ ಗುಣಮಟ್ಟವಿಲ್ಲದ ಹಾಲು ಸರಬರಾಜಾಗುತ್ತಿತ್ತು. ಈಗ ಗುಣಮಟ್ಟ ಸುಧಾರಣೆಯಾಗಿದೆ ಎಂದರು. ಹಾಲಿನ ದರ ಹೆಚ್ಚಳದ ಬಗ್ಗೆ ಸರ್ಕಾರದೊಂದಿಗೆ ಮಾತುಕತೆ ನಡೆಸಲಾಗುವುದು. ಕೃತಕ ಗರ್ಭಧಾರಣೆ, ಪಶು ಆಹಾರ, ಮೇವು ಬೀಜ ವಿತರಣೆ ಸೌಲಭ್ಯಗಳನ್ನು ರೈತರು ಬಳಸಿಕೊಳ್ಳಬೇಕು.
ಸಚಿವರಾಗಿದ್ದ ಸಂದರ್ಭದಲ್ಲಿ ಹಾಲು ಉತ್ಪಾದಕರ ಸಹಕಾರ ಸಂಘಗಳಿಗೆ ನೂತನ ತಂತ್ರಜ್ಞಾನ ಅಳವಡಿಸಿಕೊಳ್ಳಲು ಸೂಚಿಸಿದ್ದರು. ಇಂದು ರಾಜ್ಯದಲ್ಲೇ ತುಮುಲ್ ಮುಂಚೂಣಿಯಲ್ಲಿದೆ. ರಾಸುಗಳು ಮರಣ ಹೊಂದಿದರೆ ಪರಿಹಾರ ನೀಡಲಾಗುವುದು. ಡಿಸಿಸಿ ಬ್ಯಾಂಕ್ ಅಧ್ಯಕ್ಷ ಜಿ.ಜೆ ರಾಜಣ್ಣ, ಕೆ.ಎನ್ ರಾಜಣ್ಣ ಅವರ ಸಹಕಾರದಿಂದ ಬಡ್ಡಿರಹಿತ ಸಾಲ ಸೌಲಭ್ಯ ನೀಡಲಾಗುತ್ತಿದೆ. ಈ ಸಂದರ್ಭದಲ್ಲಿ ತುಮುಲ್ ಉಪ ವ್ಯವಸ್ಥಾಪಕ, ವಿಸ್ತರಣಾಧಿಕಾರಿಗಳು, ವಿವಿಧ ಸಂಘಗಳ ಅಧ್ಯಕ್ಷರು, ಕಾರ್ಯದರ್ಶಿಗಳು, ಸಾರ್ವಜನಿಕರು ಉಪಸ್ಥಿತರಿದ್ದರು.
